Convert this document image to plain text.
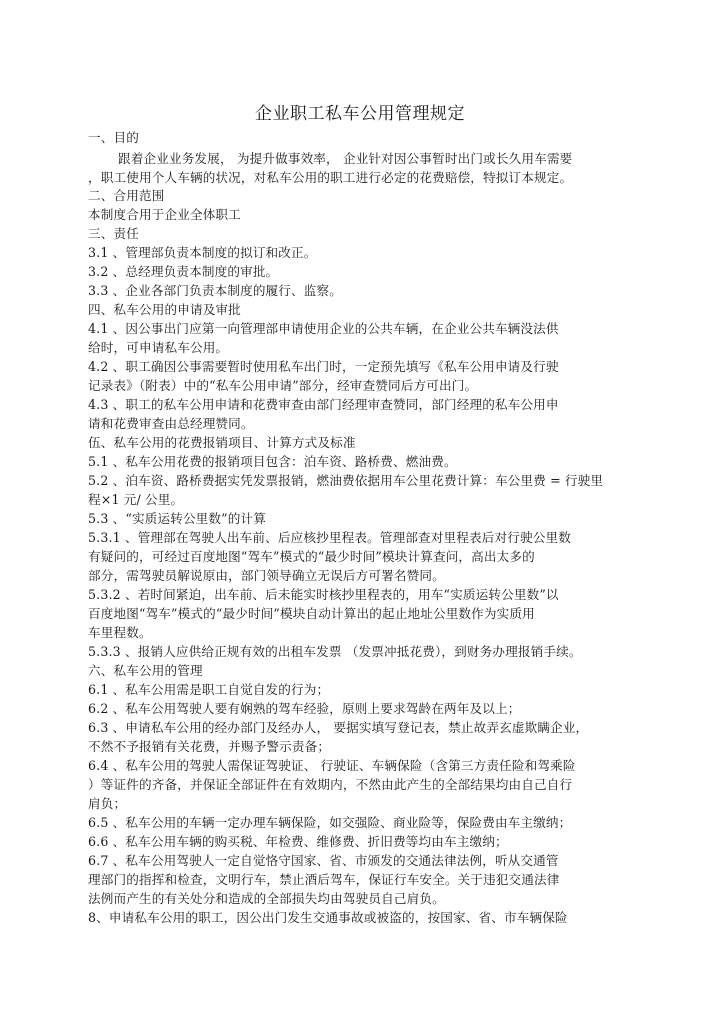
企业职工私车公用管理规定
一、目的
跟着企业业务发展， 为提升做事效率， 企业针对因公事暂时出门或长久用车需要
，职工使用个人车辆的状况，对私车公用的职工进行必定的花费赔偿，特拟订本规定。
二、合用范围
本制度合用于企业全体职工
三、责任
3.1 、管理部负责本制度的拟订和改正。
3.2 、总经理负责本制度的审批。
3.3 、企业各部门负责本制度的履行、监察。
四、私车公用的申请及审批
4.1 、因公事出门应第一向管理部申请使用企业的公共车辆，在企业公共车辆没法供
给时，可申请私车公用。
4.2 、职工确因公事需要暂时使用私车出门时，一定预先填写《私车公用申请及行驶
记录表》（附表）中的“私车公用申请”部分，经审查赞同后方可出门。
4.3 、职工的私车公用申请和花费审查由部门经理审查赞同，部门经理的私车公用申
请和花费审查由总经理赞同。
伍、私车公用的花费报销项目、计算方式及标准
5.1 、私车公用花费的报销项目包含：泊车资、路桥费、燃油费。
5.2 、泊车资、路桥费据实凭发票报销，燃油费依据用车公里花费计算：车公里费 = 行驶里
程×1 元/ 公里。
5.3 、“实质运转公里数”的计算
5.3.1 、管理部在驾驶人出车前、后应核抄里程表。管理部查对里程表后对行驶公里数
有疑问的，可经过百度地图“驾车”模式的“最少时间”模块计算查问，高出太多的
部分，需驾驶员解说原由，部门领导确立无误后方可署名赞同。
5.3.2 、若时间紧迫，出车前、后未能实时核抄里程表的，用车“实质运转公里数”以
百度地图“驾车”模式的“最少时间”模块自动计算出的起止地址公里数作为实质用
车里程数。
5.3.3 、报销人应供给正规有效的出租车发票 （发票冲抵花费），到财务办理报销手续。
六、私车公用的管理
6.1 、私车公用需是职工自觉自发的行为；
6.2 、私车公用驾驶人要有娴熟的驾车经验，原则上要求驾龄在两年及以上；
6.3 、申请私车公用的经办部门及经办人， 要据实填写登记表，禁止故弄玄虚欺瞒企业，
不然不予报销有关花费，并赐予警示责备；
6.4 、私车公用的驾驶人需保证驾驶证、 行驶证、车辆保险（含第三方责任险和驾乘险
）等证件的齐备，并保证全部证件在有效期内，不然由此产生的全部结果均由自己自行
肩负；
6.5 、私车公用的车辆一定办理车辆保险，如交强险、商业险等，保险费由车主缴纳；
6.6 、私车公用车辆的购买税、年检费、维修费、折旧费等均由车主缴纳；
6.7 、私车公用驾驶人一定自觉恪守国家、省、市颁发的交通法律法例，听从交通管
理部门的指挥和检查，文明行车，禁止酒后驾车，保证行车安全。关于违犯交通法律
法例而产生的有关处分和造成的全部损失均由驾驶员自己肩负。
8、申请私车公用的职工，因公出门发生交通事故或被盗的，按国家、省、市车辆保险
